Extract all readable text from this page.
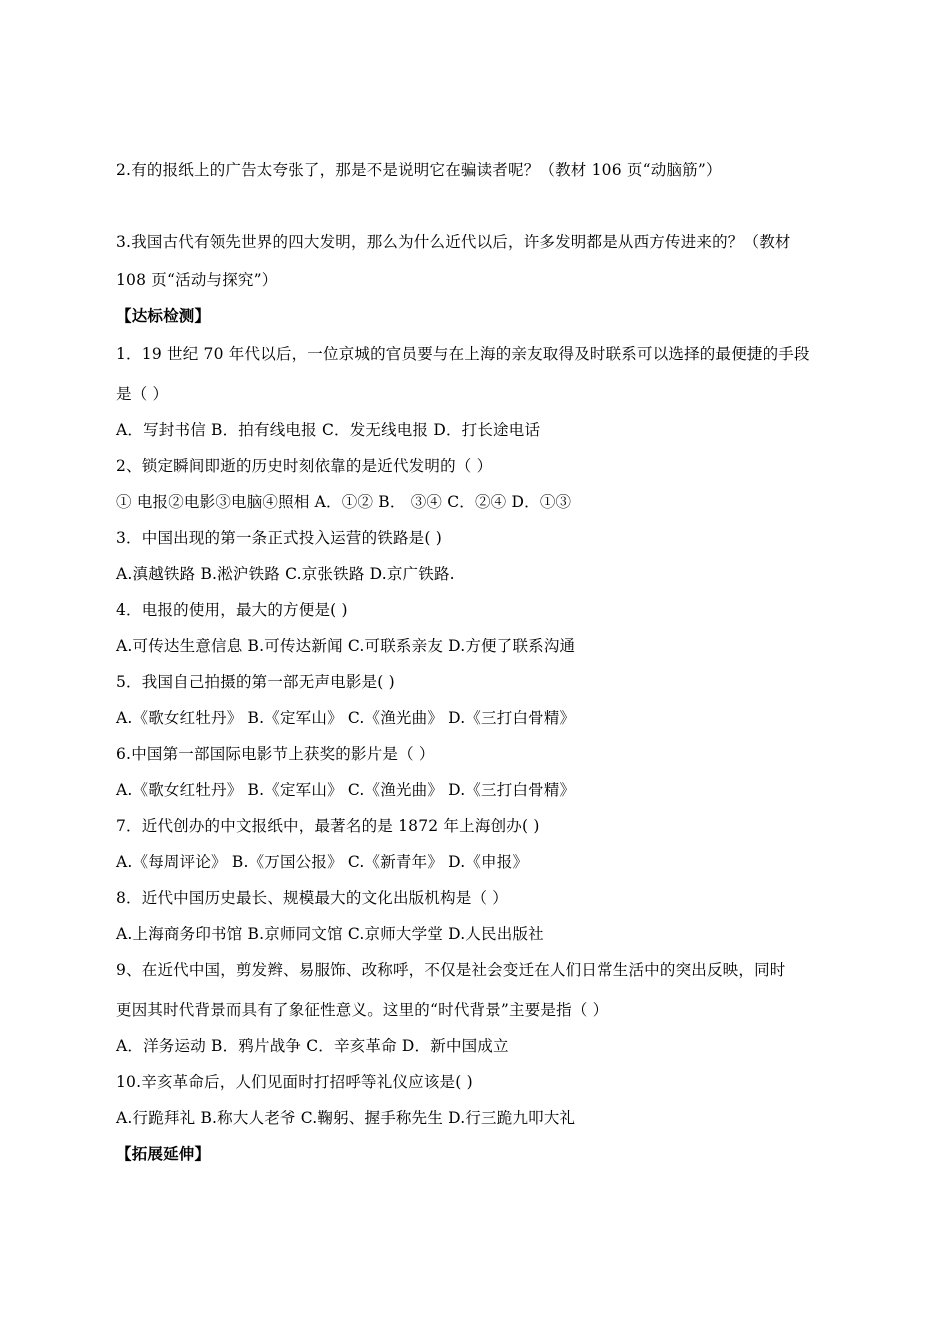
2.有的报纸上的广告太夸张了，那是不是说明它在骗读者呢？（教材 106 页“动脑筋”）
3.我国古代有领先世界的四大发明，那么为什么近代以后，许多发明都是从西方传进来的？（教材
108 页“活动与探究”）
【达标检测】
1．19 世纪 70 年代以后，一位京城的官员要与在上海的亲友取得及时联系可以选择的最便捷的手段
是（ ）
A．写封书信 B．拍有线电报 C．发无线电报 D．打长途电话
2、锁定瞬间即逝的历史时刻依靠的是近代发明的（ ）
① 电报②电影③电脑④照相 A．①② B． ③④ C．②④ D．①③
3．中国出现的第一条正式投入运营的铁路是( )
A.滇越铁路 B.淞沪铁路 C.京张铁路 D.京广铁路.
4．电报的使用，最大的方便是( )
A.可传达生意信息 B.可传达新闻 C.可联系亲友 D.方便了联系沟通
5．我国自己拍摄的第一部无声电影是( )
A.《歌女红牡丹》 B.《定军山》 C.《渔光曲》 D.《三打白骨精》
6.中国第一部国际电影节上获奖的影片是（ ）
A.《歌女红牡丹》 B.《定军山》 C.《渔光曲》 D.《三打白骨精》
7．近代创办的中文报纸中，最著名的是 1872 年上海创办( )
A.《每周评论》 B.《万国公报》 C.《新青年》 D.《申报》
8．近代中国历史最长、规模最大的文化出版机构是（ ）
A.上海商务印书馆 B.京师同文馆 C.京师大学堂 D.人民出版社
9、在近代中国，剪发辫、易服饰、改称呼，不仅是社会变迁在人们日常生活中的突出反映，同时
更因其时代背景而具有了象征性意义。这里的“时代背景”主要是指（ ）
A．洋务运动 B．鸦片战争 C．辛亥革命 D．新中国成立
10.辛亥革命后，人们见面时打招呼等礼仪应该是( )
A.行跪拜礼 B.称大人老爷 C.鞠躬、握手称先生 D.行三跪九叩大礼
【拓展延伸】
